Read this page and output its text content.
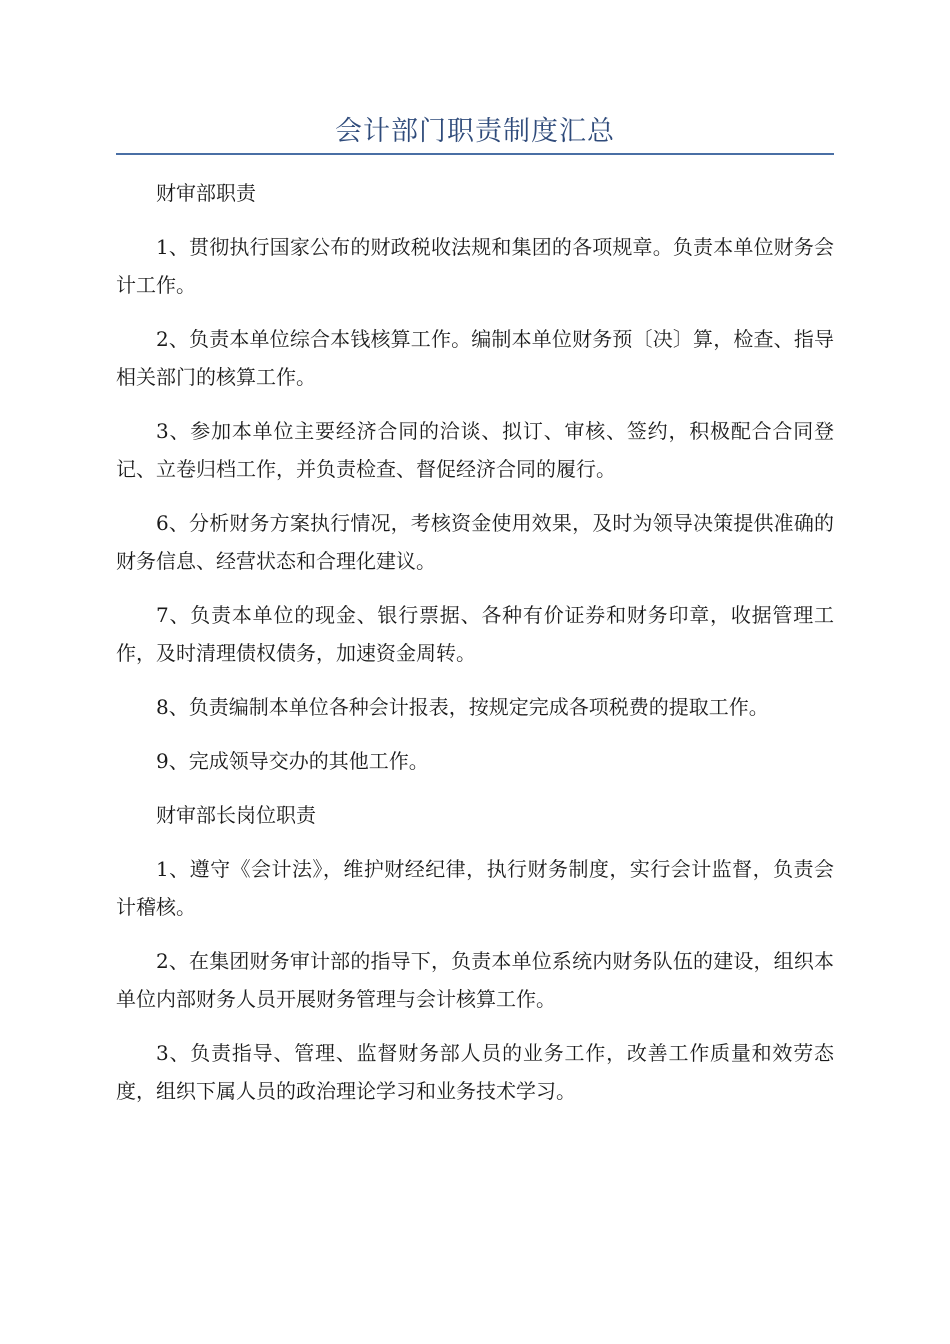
会计部门职责制度汇总

财审部职责

1、贯彻执行国家公布的财政税收法规和集团的各项规章。负责本单位财务会计工作。

2、负责本单位综合本钱核算工作。编制本单位财务预〔决〕算，检查、指导相关部门的核算工作。

3、参加本单位主要经济合同的洽谈、拟订、审核、签约，积极配合合同登记、立卷归档工作，并负责检查、督促经济合同的履行。

6、分析财务方案执行情况，考核资金使用效果，及时为领导决策提供准确的财务信息、经营状态和合理化建议。

7、负责本单位的现金、银行票据、各种有价证券和财务印章，收据管理工作，及时清理债权债务，加速资金周转。

8、负责编制本单位各种会计报表，按规定完成各项税费的提取工作。

9、完成领导交办的其他工作。

财审部长岗位职责

1、遵守《会计法》，维护财经纪律，执行财务制度，实行会计监督，负责会计稽核。

2、在集团财务审计部的指导下，负责本单位系统内财务队伍的建设，组织本单位内部财务人员开展财务管理与会计核算工作。

3、负责指导、管理、监督财务部人员的业务工作，改善工作质量和效劳态度，组织下属人员的政治理论学习和业务技术学习。
